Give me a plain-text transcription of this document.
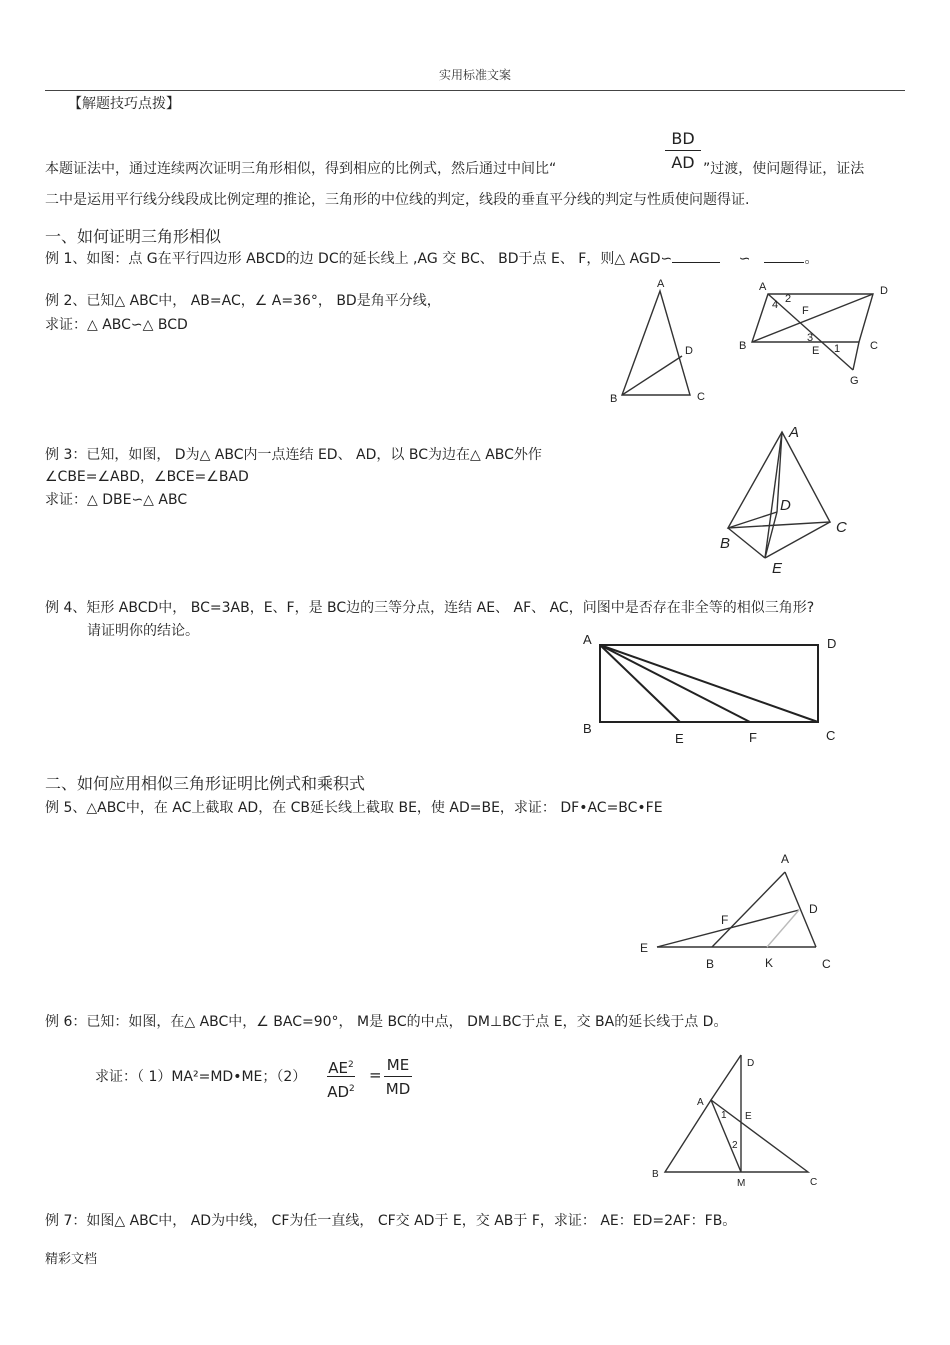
实用标准文案
【解题技巧点拨】
$\frac{BD}{AD}$
本题证法中，通过连续两次证明三角形相似，得到相应的比例式，然后通过中间比“	”过渡，使问题得证，证法
二中是运用平行线分线段成比例定理的推论，三角形的中位线的判定，线段的垂直平分线的判定与性质使问题得证.
一、如何证明三角形相似
例 1、如图：点 G在平行四边形 ABCD的边 DC的延长线上 ,AG 交 BC、 BD于点 E、 F，则△ AGD∽	∽	。
例 2、已知△ ABC中， AB=AC，∠ A=36°， BD是角平分线，
求证：△ ABC∽△ BCD
例 3：已知，如图， D为△ ABC内一点连结 ED、 AD，以 BC为边在△ ABC外作
∠CBE=∠ABD，∠BCE=∠BAD
求证：△ DBE∽△ ABC
例 4、矩形 ABCD中， BC=3AB，E、F，是 BC边的三等分点，连结 AE、 AF、 AC，问图中是否存在非全等的相似三角形?
请证明你的结论。
二、如何应用相似三角形证明比例式和乘积式
例 5、△ABC中，在 AC上截取 AD，在 CB延长线上截取 BE，使 AD=BE，求证： DF•AC=BC•FE
例 6：已知：如图，在△ ABC中，∠ BAC=90°， M是 BC的中点， DM⊥BC于点 E，交 BA的延长线于点 D。
求证：（ 1）MA²=MD•ME；（2） $AE^2$
$AD^2$
=
ME
MD
例 7：如图△ ABC中， AD为中线， CF为任一直线， CF交 AD于 E，交 AB于 F，求证： AE：ED=2AF：FB。
精彩文档
A
B	C
D
A	D
B	C
E
F
G
1
2
3
4
A
B
C
D
E
A	D
B	C
E	F
A
D
F
E
B	K	C
D
A
E
1
2
B
M	C
